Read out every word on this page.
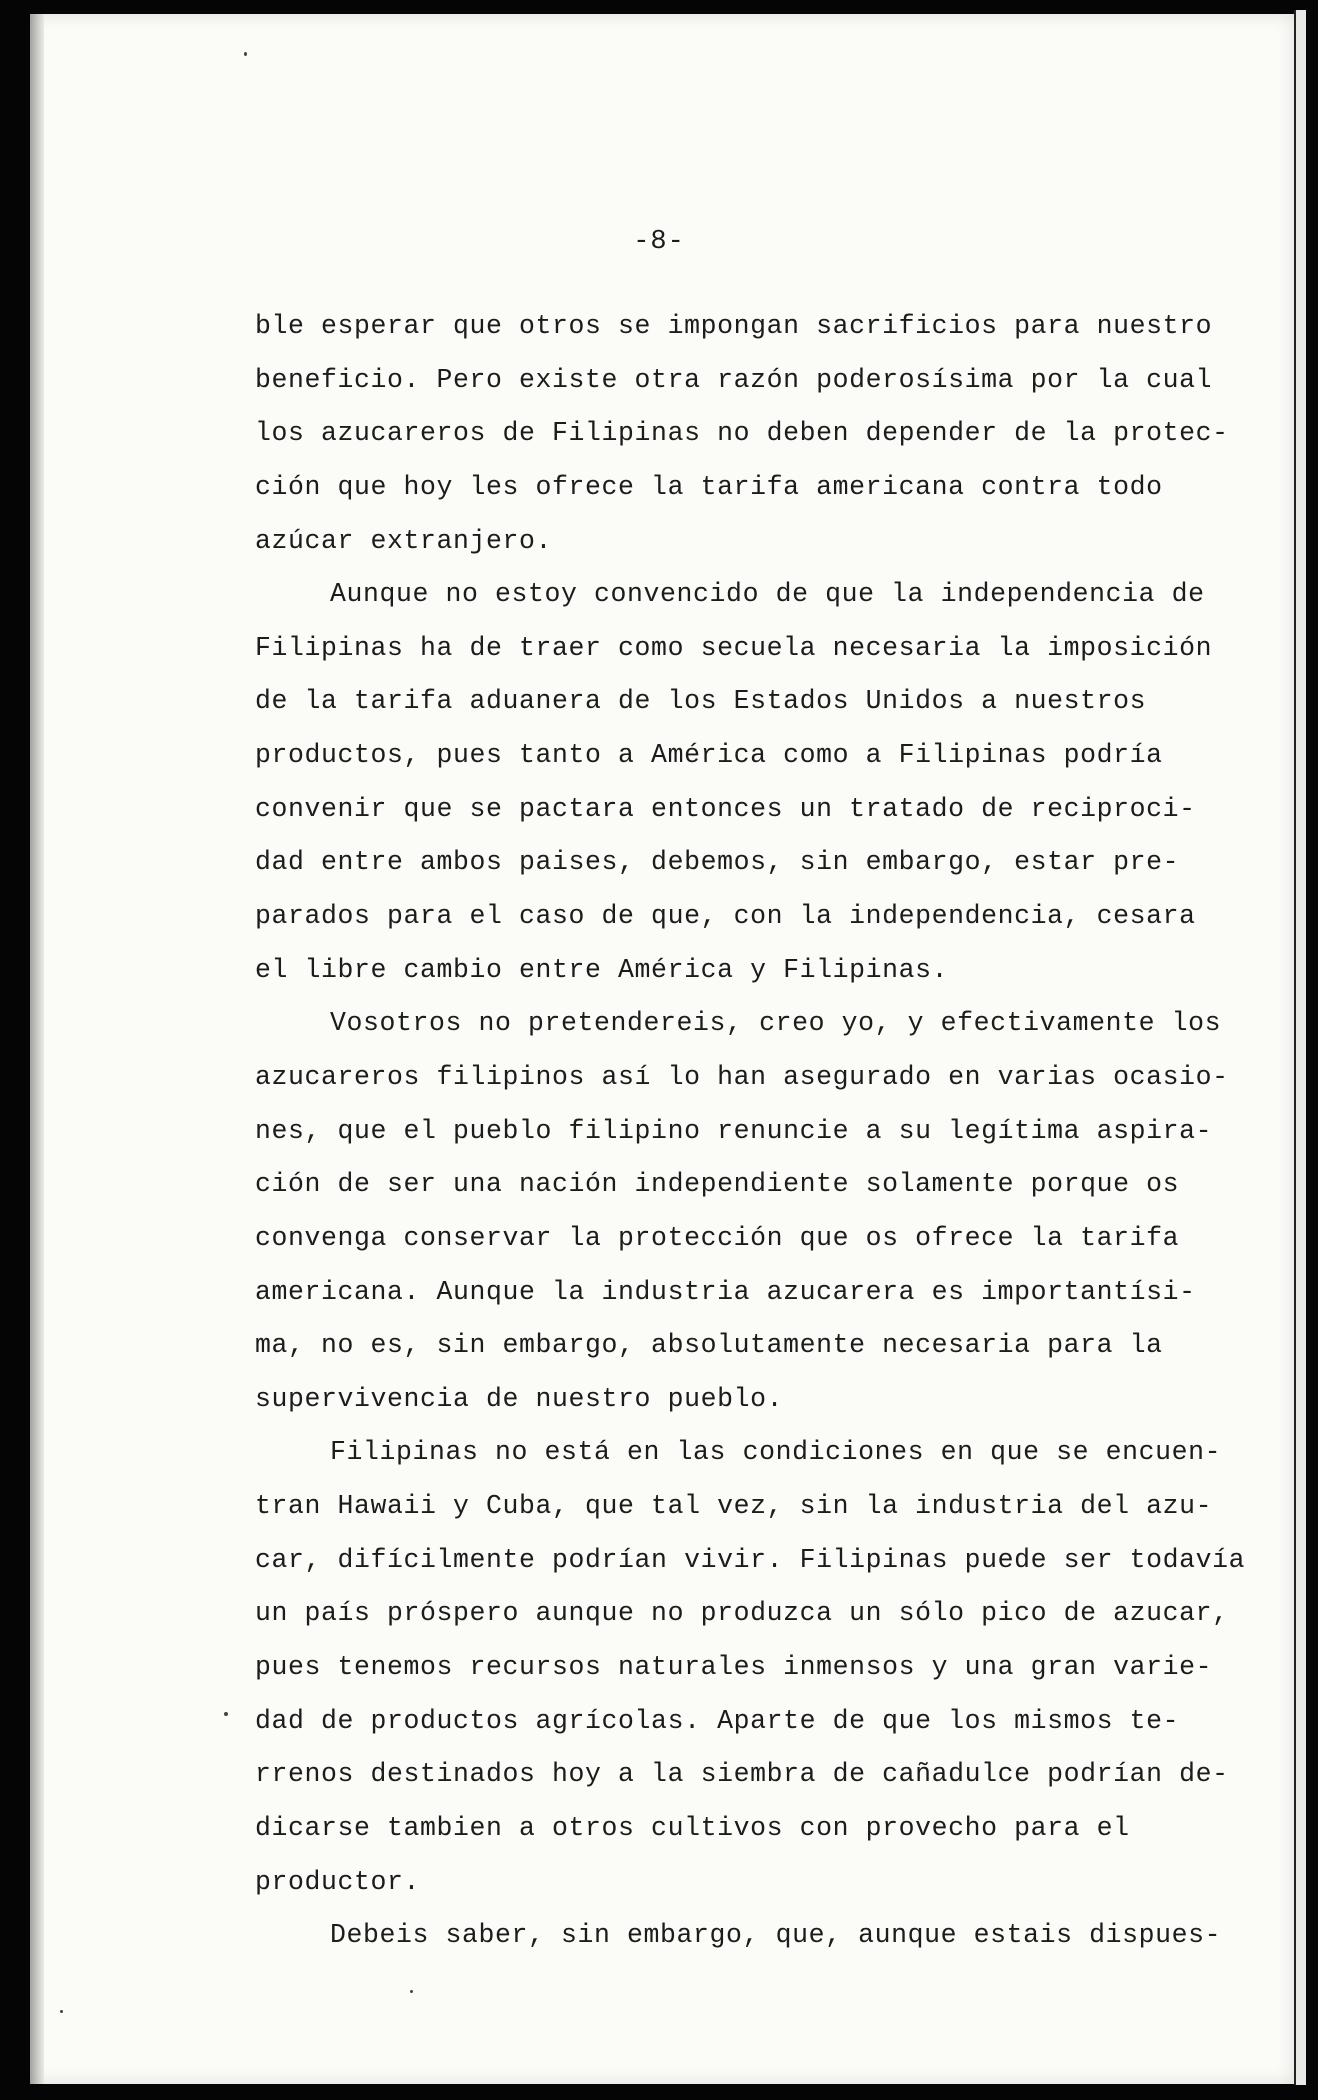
-8-
ble esperar que otros se impongan sacrificios para nuestro
beneficio. Pero existe otra razón poderosísima por la cual
los azucareros de Filipinas no deben depender de la protec-
ción que hoy les ofrece la tarifa americana contra todo
azúcar extranjero.
Aunque no estoy convencido de que la independencia de
Filipinas ha de traer como secuela necesaria la imposición
de la tarifa aduanera de los Estados Unidos a nuestros
productos, pues tanto a América como a Filipinas podría
convenir que se pactara entonces un tratado de reciproci-
dad entre ambos paises, debemos, sin embargo, estar pre-
parados para el caso de que, con la independencia, cesara
el libre cambio entre América y Filipinas.
Vosotros no pretendereis, creo yo, y efectivamente los
azucareros filipinos así lo han asegurado en varias ocasio-
nes, que el pueblo filipino renuncie a su legítima aspira-
ción de ser una nación independiente solamente porque os
convenga conservar la protección que os ofrece la tarifa
americana. Aunque la industria azucarera es importantísi-
ma, no es, sin embargo, absolutamente necesaria para la
supervivencia de nuestro pueblo.
Filipinas no está en las condiciones en que se encuen-
tran Hawaii y Cuba, que tal vez, sin la industria del azu-
car, difícilmente podrían vivir. Filipinas puede ser todavía
un país próspero aunque no produzca un sólo pico de azucar,
pues tenemos recursos naturales inmensos y una gran varie-
dad de productos agrícolas. Aparte de que los mismos te-
rrenos destinados hoy a la siembra de cañadulce podrían de-
dicarse tambien a otros cultivos con provecho para el
productor.
Debeis saber, sin embargo, que, aunque estais dispues-
